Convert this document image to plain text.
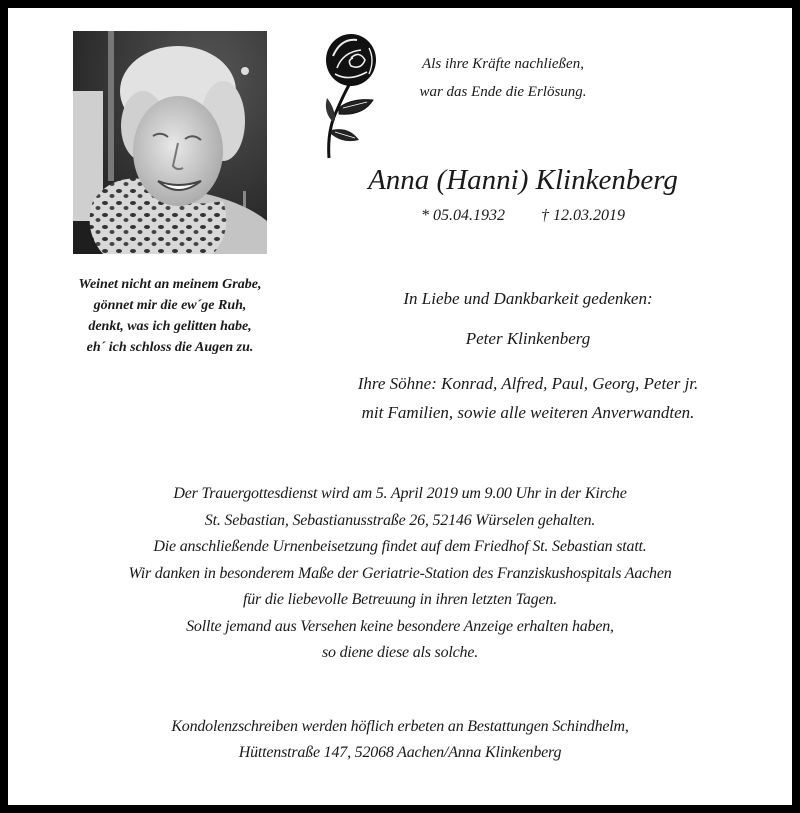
Weinet nicht an meinem Grabe,
gönnet mir die ew´ge Ruh,
denkt, was ich gelitten habe,
eh´ ich schloss die Augen zu.
Als ihre Kräfte nachließen,
war das Ende die Erlösung.
Anna (Hanni) Klinkenberg
* 05.04.1932 † 12.03.2019
In Liebe und Dankbarkeit gedenken:
Peter Klinkenberg
Ihre Söhne: Konrad, Alfred, Paul, Georg, Peter jr.
mit Familien, sowie alle weiteren Anverwandten.
Der Trauergottesdienst wird am 5. April 2019 um 9.00 Uhr in der Kirche
St. Sebastian, Sebastianusstraße 26, 52146 Würselen gehalten.
Die anschließende Urnenbeisetzung findet auf dem Friedhof St. Sebastian statt.
Wir danken in besonderem Maße der Geriatrie-Station des Franziskushospitals Aachen
für die liebevolle Betreuung in ihren letzten Tagen.
Sollte jemand aus Versehen keine besondere Anzeige erhalten haben,
so diene diese als solche.
Kondolenzschreiben werden höflich erbeten an Bestattungen Schindhelm,
Hüttenstraße 147, 52068 Aachen/Anna Klinkenberg
